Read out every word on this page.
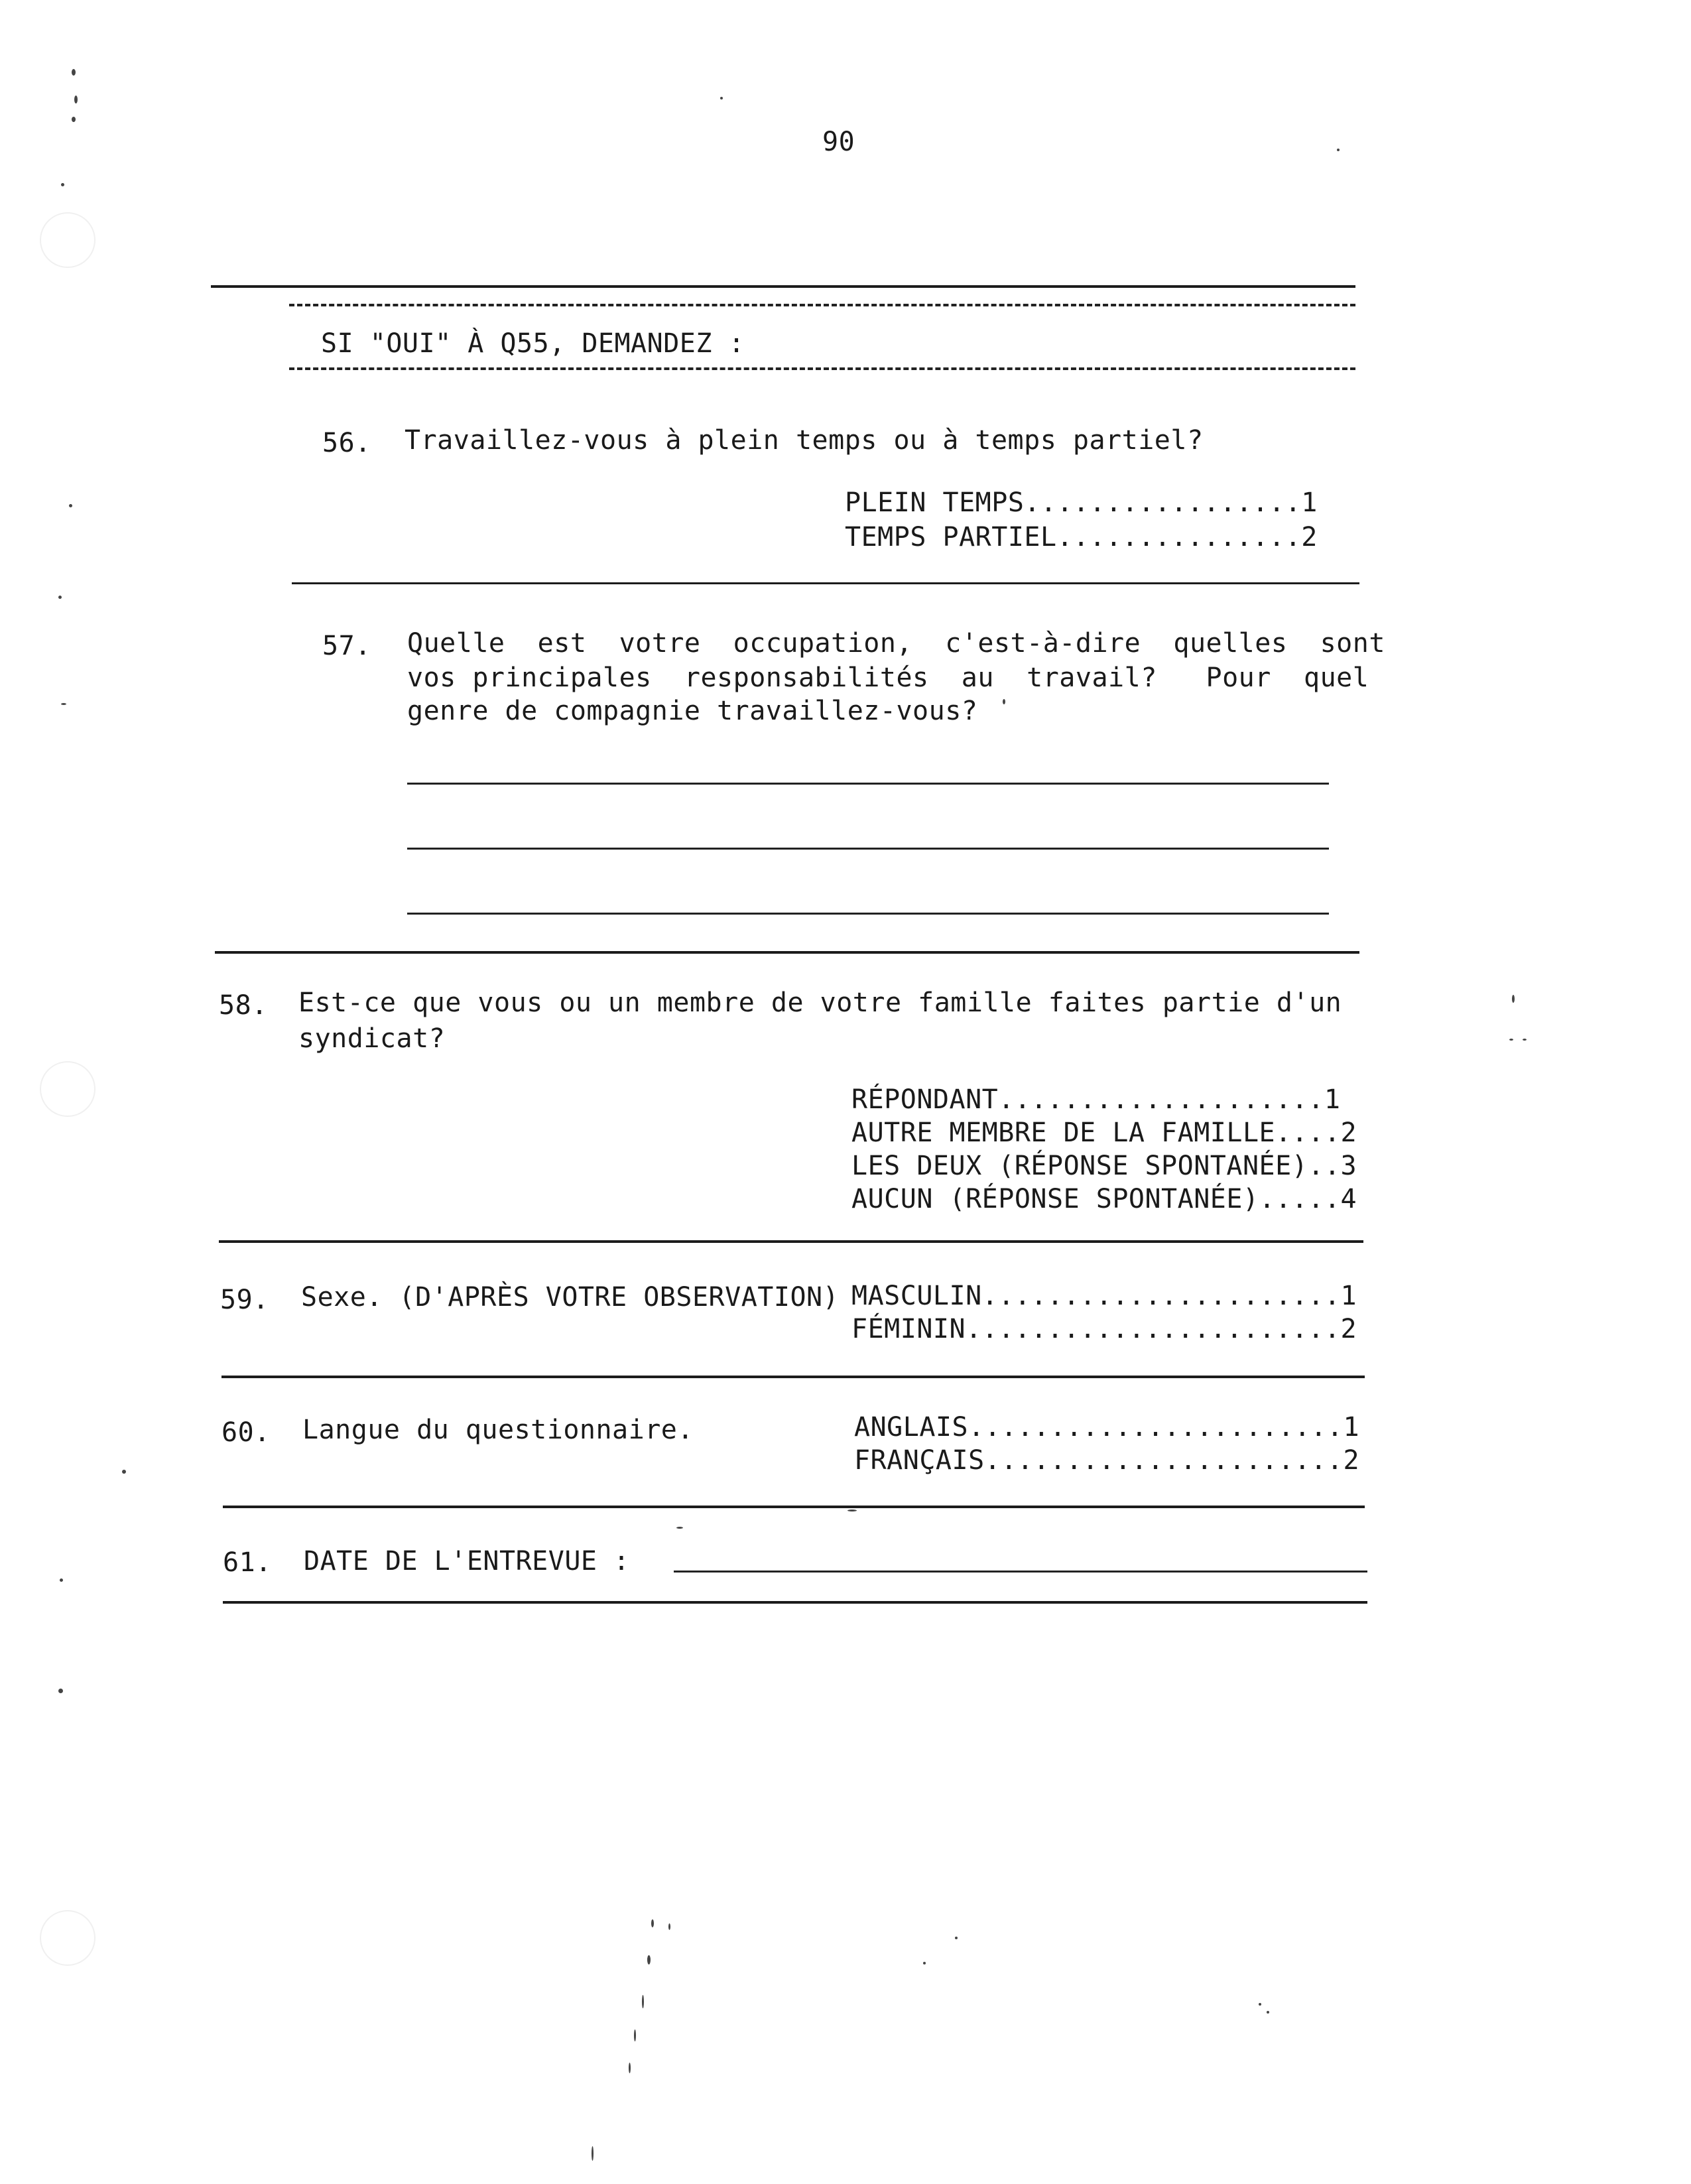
90
SI "OUI" À Q55, DEMANDEZ :
56. Travaillez-vous à plein temps ou à temps partiel?
PLEIN TEMPS.................1
TEMPS PARTIEL...............2
57. Quelle  est  votre  occupation,  c'est-à-dire  quelles  sont
vos principales  responsabilités  au  travail?   Pour  quel
genre de compagnie travaillez-vous?
58. Est-ce que vous ou un membre de votre famille faites partie d'un
syndicat?
RÉPONDANT....................1
AUTRE MEMBRE DE LA FAMILLE....2
LES DEUX (RÉPONSE SPONTANÉE)..3
AUCUN (RÉPONSE SPONTANÉE).....4
59. Sexe. (D'APRÈS VOTRE OBSERVATION) MASCULIN......................1
FÉMININ.......................2
60. Langue du questionnaire.	ANGLAIS.......................1
FRANÇAIS......................2
61. DATE DE L'ENTREVUE :
